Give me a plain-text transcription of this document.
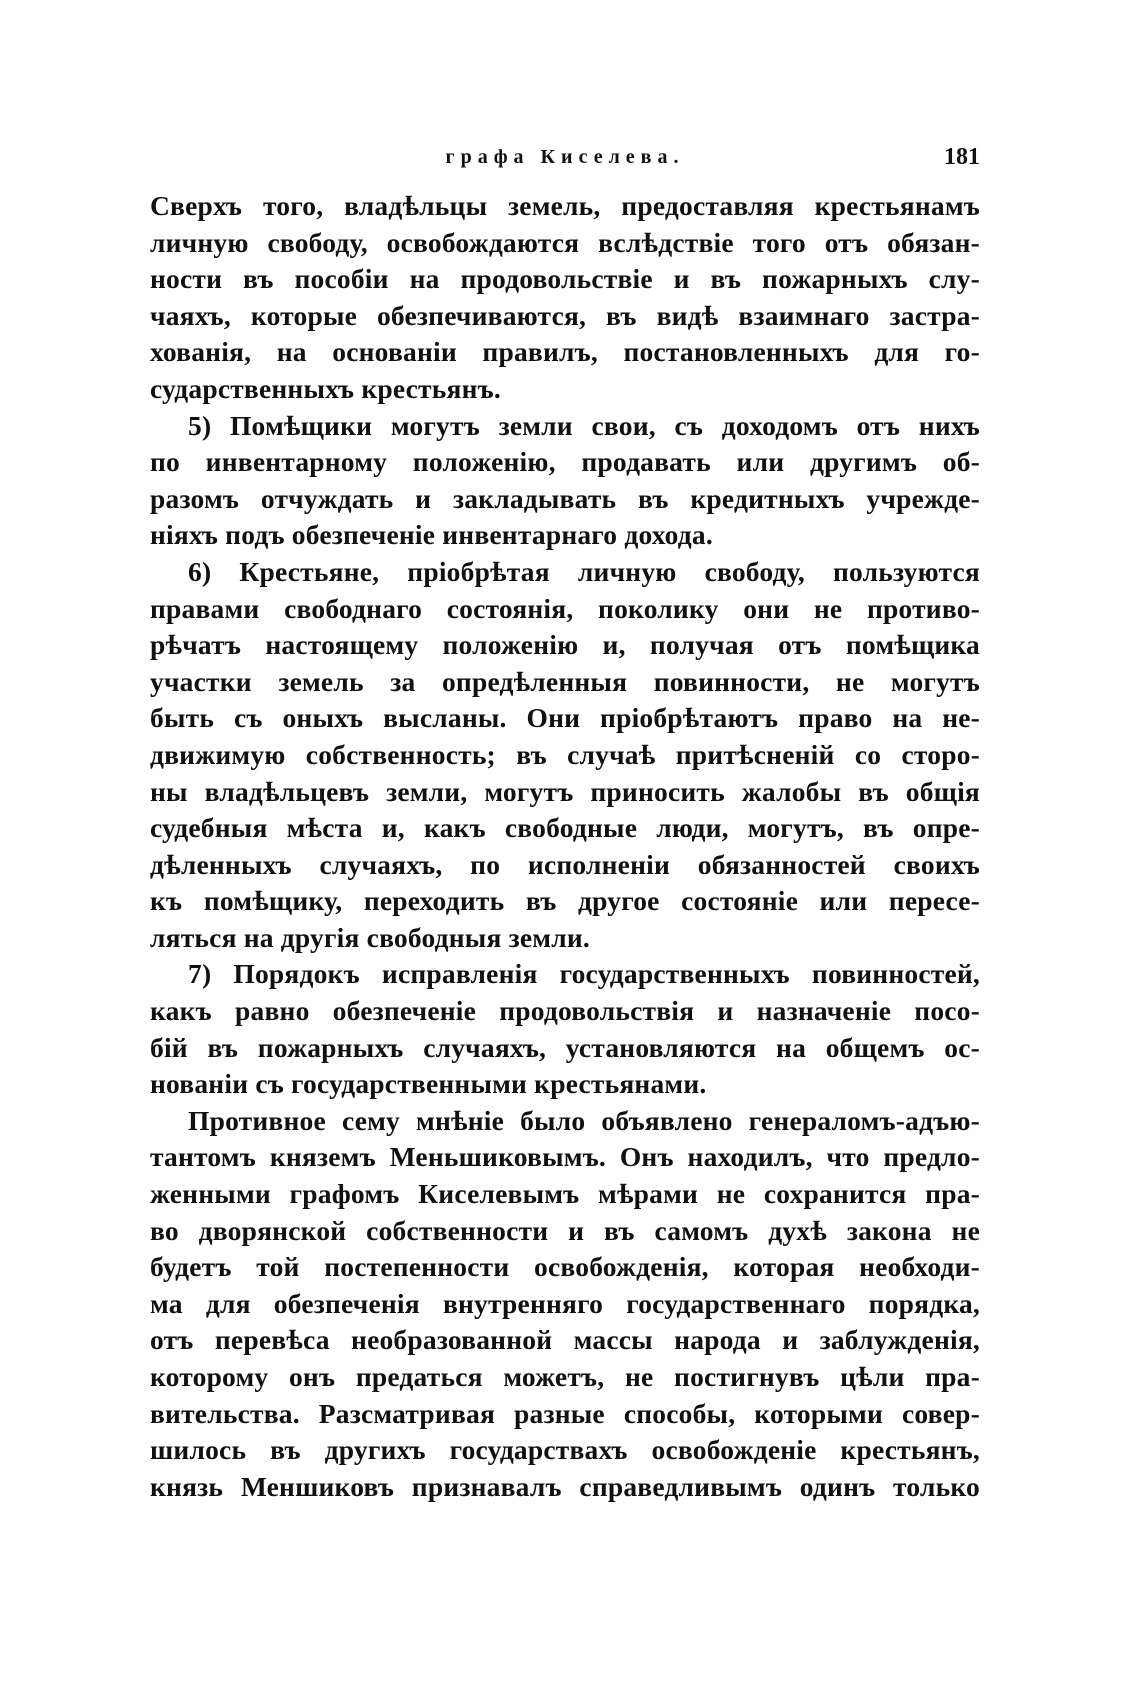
графа Киселева.	181
Сверхъ того, владѣльцы земель, предоставляя крестьянамъ
личную свободу, освобождаются вслѣдствіе того отъ обязан-
ности въ пособіи на продовольствіе и въ пожарныхъ слу-
чаяхъ, которые обезпечиваются, въ видѣ взаимнаго застра-
хованія, на основаніи правилъ, постановленныхъ для го-
сударственныхъ крестьянъ.
5) Помѣщики могутъ земли свои, съ доходомъ отъ нихъ
по инвентарному положенію, продавать или другимъ об-
разомъ отчуждать и закладывать въ кредитныхъ учрежде-
ніяхъ подъ обезпеченіе инвентарнаго дохода.
6) Крестьяне, пріобрѣтая личную свободу, пользуются
правами свободнаго состоянія, поколику они не противо-
рѣчатъ настоящему положенію и, получая отъ помѣщика
участки земель за опредѣленныя повинности, не могутъ
быть съ оныхъ высланы. Они пріобрѣтаютъ право на не-
движимую собственность; въ случаѣ притѣсненій со сторо-
ны владѣльцевъ земли, могутъ приносить жалобы въ общія
судебныя мѣста и, какъ свободные люди, могутъ, въ опре-
дѣленныхъ случаяхъ, по исполненіи обязанностей своихъ
къ помѣщику, переходить въ другое состояніе или пересе-
ляться на другія свободныя земли.
7) Порядокъ исправленія государственныхъ повинностей,
какъ равно обезпеченіе продовольствія и назначеніе посо-
бій въ пожарныхъ случаяхъ, установляются на общемъ ос-
нованіи съ государственными крестьянами.
Противное сему мнѣніе было объявлено генераломъ-адъю-
тантомъ княземъ Меньшиковымъ. Онъ находилъ, что предло-
женными графомъ Киселевымъ мѣрами не сохранится пра-
во дворянской собственности и въ самомъ духѣ закона не
будетъ той постепенности освобожденія, которая необходи-
ма для обезпеченія внутренняго государственнаго порядка,
отъ перевѣса необразованной массы народа и заблужденія,
которому онъ предаться можетъ, не постигнувъ цѣли пра-
вительства. Разсматривая разные способы, которыми совер-
шилось въ другихъ государствахъ освобожденіе крестьянъ,
князь Меншиковъ признавалъ справедливымъ одинъ только
